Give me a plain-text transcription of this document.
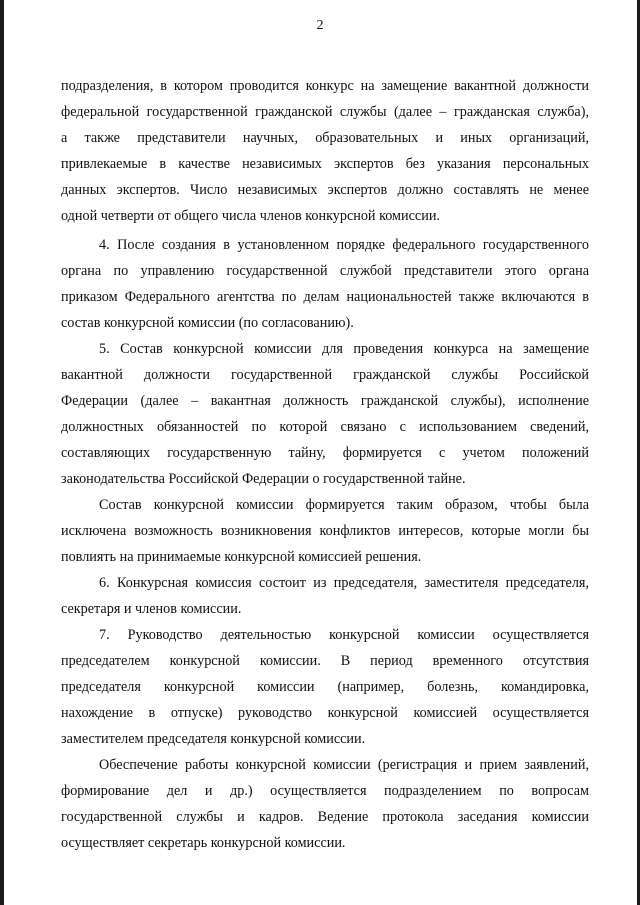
2

подразделения, в котором проводится конкурс на замещение вакантной должности

федеральной государственной гражданской службы (далее – гражданская служба),

а также представители научных, образовательных и иных организаций,

привлекаемые в качестве независимых экспертов без указания персональных

данных экспертов. Число независимых экспертов должно составлять не менее

одной четверти от общего числа членов конкурсной комиссии.

4. После создания в установленном порядке федерального государственного

органа по управлению государственной службой представители этого органа

приказом Федерального агентства по делам национальностей также включаются в

состав конкурсной комиссии (по согласованию).

5. Состав конкурсной комиссии для проведения конкурса на замещение

вакантной должности государственной гражданской службы Российской

Федерации (далее – вакантная должность гражданской службы), исполнение

должностных обязанностей по которой связано с использованием сведений,

составляющих государственную тайну, формируется с учетом положений

законодательства Российской Федерации о государственной тайне.

Состав конкурсной комиссии формируется таким образом, чтобы была

исключена возможность возникновения конфликтов интересов, которые могли бы

повлиять на принимаемые конкурсной комиссией решения.

6. Конкурсная комиссия состоит из председателя, заместителя председателя,

секретаря и членов комиссии.

7. Руководство деятельностью конкурсной комиссии осуществляется

председателем конкурсной комиссии. В период временного отсутствия

председателя конкурсной комиссии (например, болезнь, командировка,

нахождение в отпуске) руководство конкурсной комиссией осуществляется

заместителем председателя конкурсной комиссии.

Обеспечение работы конкурсной комиссии (регистрация и прием заявлений,

формирование дел и др.) осуществляется подразделением по вопросам

государственной службы и кадров. Ведение протокола заседания комиссии

осуществляет секретарь конкурсной комиссии.
